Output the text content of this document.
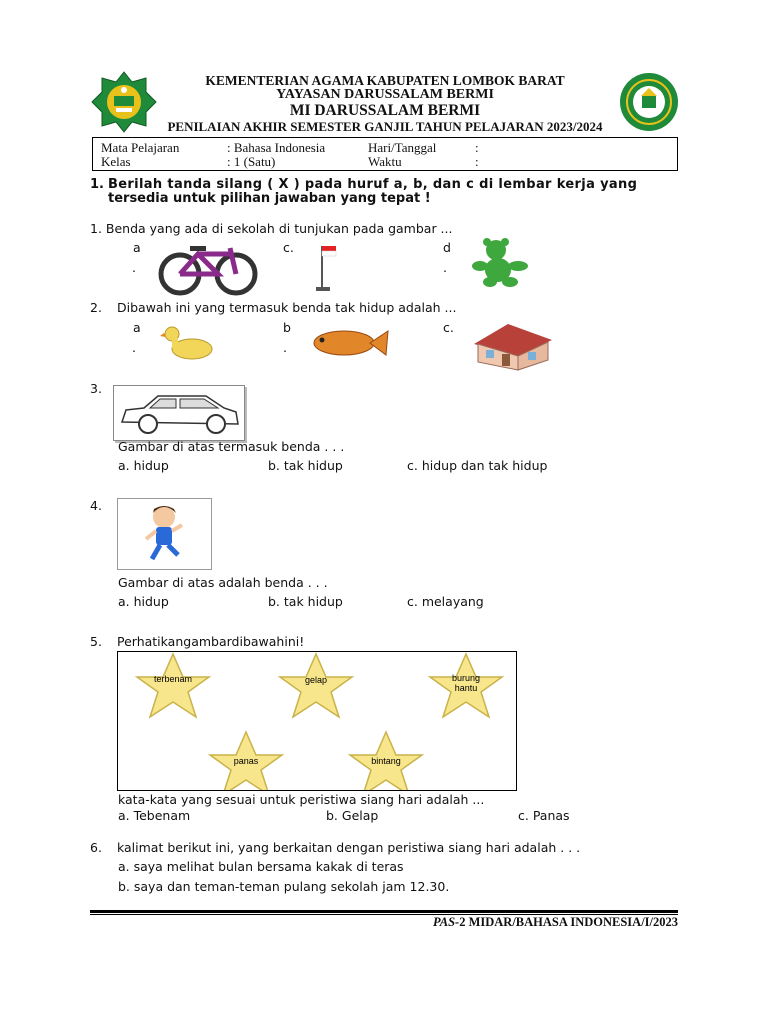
KEMENTERIAN AGAMA KABUPATEN LOMBOK BARAT
YAYASAN DARUSSALAM BERMI
MI DARUSSALAM BERMI
PENILAIAN AKHIR SEMESTER GANJIL TAHUN PELAJARAN 2023/2024
Mata Pelajaran	: Bahasa Indonesia
Kelas	: 1 (Satu)
Hari/Tanggal	:
Waktu	:
1. Berilah tanda silang ( X ) pada huruf a, b, dan c di lembar kerja yang
tersedia untuk pilihan jawaban yang tepat !
1. Benda yang ada di sekolah di tunjukan pada gambar ...
a
.
c.	d
.
2. Dibawah ini yang termasuk benda tak hidup adalah ...
a
.
b
.
c.
3.
Gambar di atas termasuk benda . . .
a. hidup	b. tak hidup	c. hidup dan tak hidup
4.
Gambar di atas adalah benda . . .
a. hidup	b. tak hidup	c. melayang
5. Perhatikangambardibawahini!
terbenam	gelap	burung
hantu
panas	bintang
kata-kata yang sesuai untuk peristiwa siang hari adalah ...
a. Tebenam	b. Gelap	c. Panas
6. kalimat berikut ini, yang berkaitan dengan peristiwa siang hari adalah . . .
a. saya melihat bulan bersama kakak di teras
b. saya dan teman-teman pulang sekolah jam 12.30.
PAS-2 MIDAR/BAHASA INDONESIA/I/2023
